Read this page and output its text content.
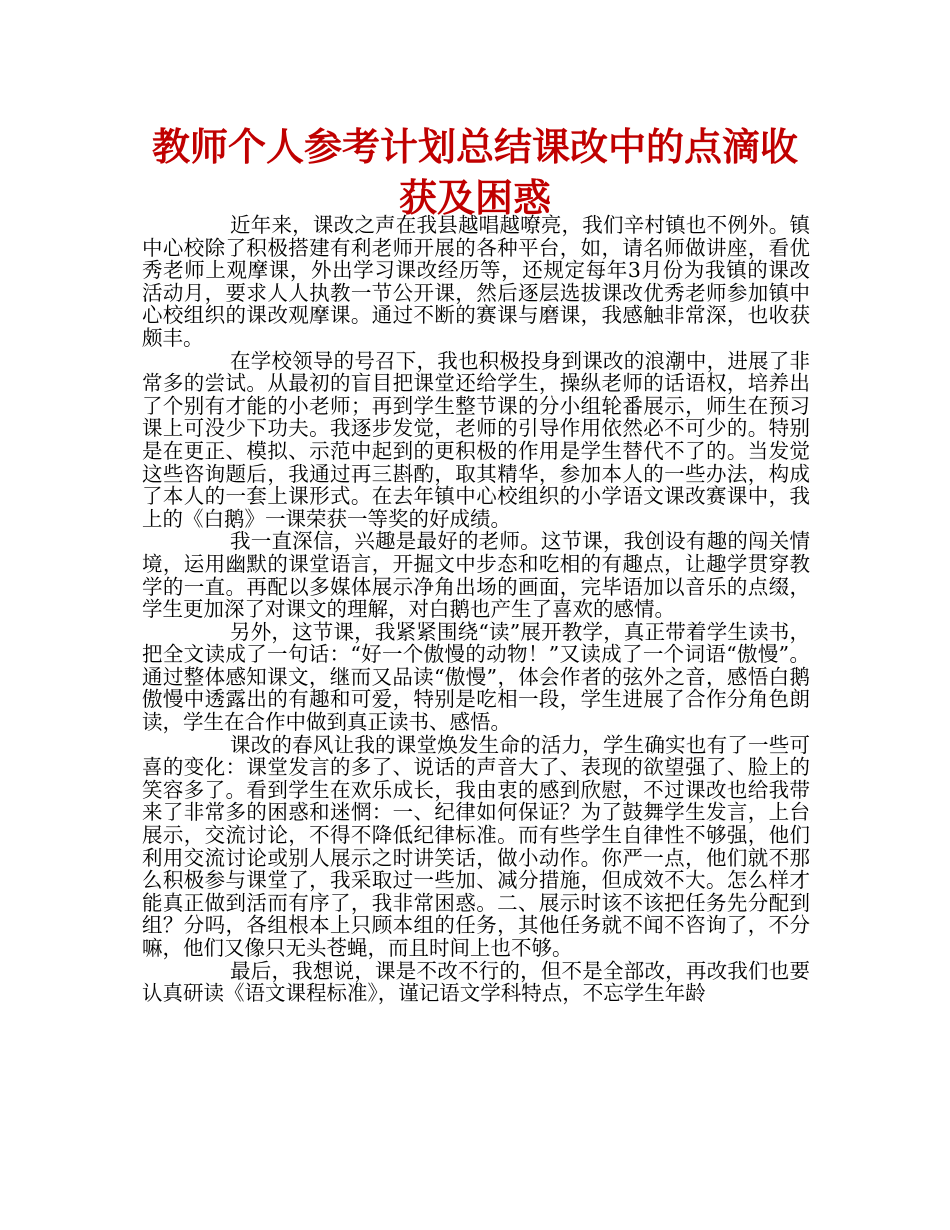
教师个人参考计划总结课改中的点滴收获及困惑

近年来，课改之声在我县越唱越嘹亮，我们辛村镇也不例外。镇中心校除了积极搭建有利老师开展的各种平台，如，请名师做讲座，看优秀老师上观摩课，外出学习课改经历等，还规定每年3月份为我镇的课改活动月，要求人人执教一节公开课，然后逐层选拔课改优秀老师参加镇中心校组织的课改观摩课。通过不断的赛课与磨课，我感触非常深，也收获颇丰。

在学校领导的号召下，我也积极投身到课改的浪潮中，进展了非常多的尝试。从最初的盲目把课堂还给学生，操纵老师的话语权，培养出了个别有才能的小老师；再到学生整节课的分小组轮番展示，师生在预习课上可没少下功夫。我逐步发觉，老师的引导作用依然必不可少的。特别是在更正、模拟、示范中起到的更积极的作用是学生替代不了的。当发觉这些咨询题后，我通过再三斟酌，取其精华，参加本人的一些办法，构成了本人的一套上课形式。在去年镇中心校组织的小学语文课改赛课中，我上的《白鹅》一课荣获一等奖的好成绩。

我一直深信，兴趣是最好的老师。这节课，我创设有趣的闯关情境，运用幽默的课堂语言，开掘文中步态和吃相的有趣点，让趣学贯穿教学的一直。再配以多媒体展示净角出场的画面，完毕语加以音乐的点缀，学生更加深了对课文的理解，对白鹅也产生了喜欢的感情。

另外，这节课，我紧紧围绕“读”展开教学，真正带着学生读书，把全文读成了一句话：“好一个傲慢的动物！”又读成了一个词语“傲慢”。通过整体感知课文，继而又品读“傲慢”，体会作者的弦外之音，感悟白鹅傲慢中透露出的有趣和可爱，特别是吃相一段，学生进展了合作分角色朗读，学生在合作中做到真正读书、感悟。

课改的春风让我的课堂焕发生命的活力，学生确实也有了一些可喜的变化：课堂发言的多了、说话的声音大了、表现的欲望强了、脸上的笑容多了。看到学生在欢乐成长，我由衷的感到欣慰，不过课改也给我带来了非常多的困惑和迷惘：一、纪律如何保证？为了鼓舞学生发言，上台展示，交流讨论，不得不降低纪律标准。而有些学生自律性不够强，他们利用交流讨论或别人展示之时讲笑话，做小动作。你严一点，他们就不那么积极参与课堂了，我采取过一些加、减分措施，但成效不大。怎么样才能真正做到活而有序了，我非常困惑。二、展示时该不该把任务先分配到组？分吗，各组根本上只顾本组的任务，其他任务就不闻不咨询了，不分嘛，他们又像只无头苍蝇，而且时间上也不够。

最后，我想说，课是不改不行的，但不是全部改，再改我们也要认真研读《语文课程标准》，谨记语文学科特点，不忘学生年龄
